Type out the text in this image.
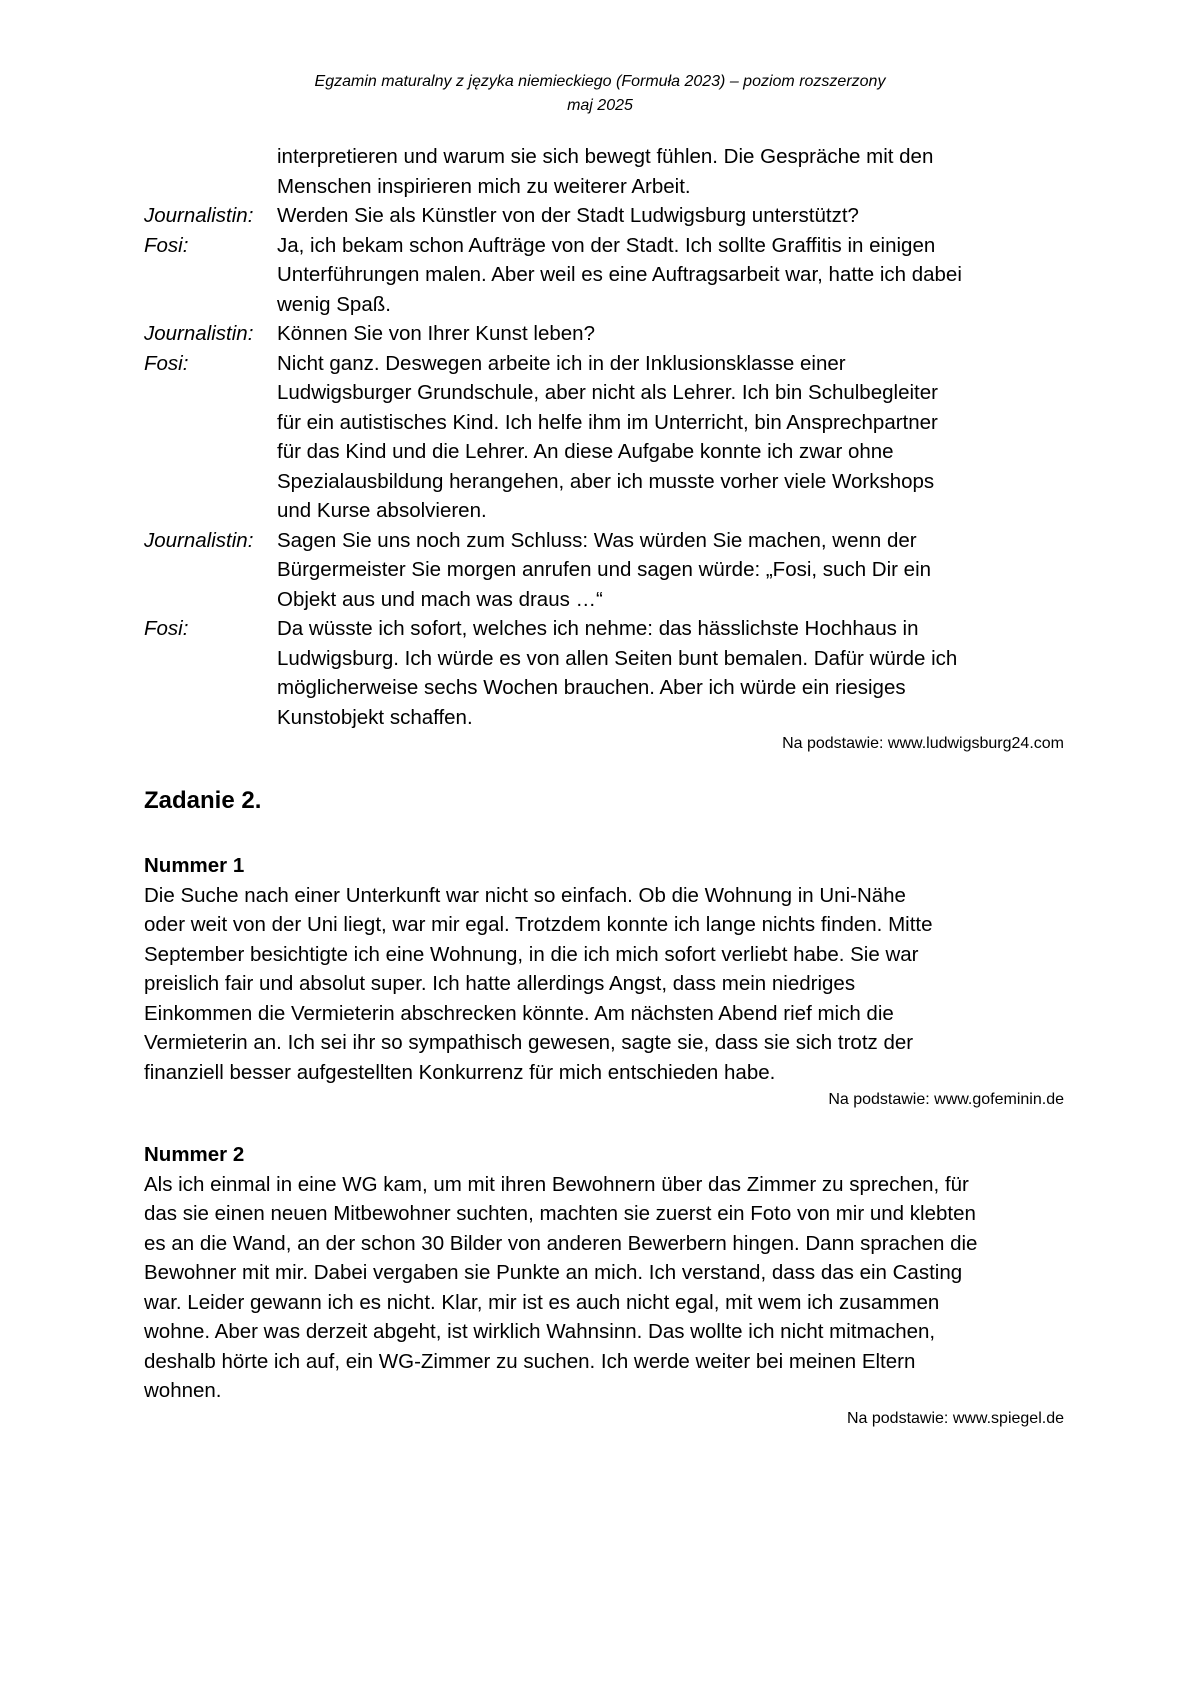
Egzamin maturalny z języka niemieckiego (Formuła 2023) – poziom rozszerzony
maj 2025
interpretieren und warum sie sich bewegt fühlen. Die Gespräche mit den
Menschen inspirieren mich zu weiterer Arbeit.
Journalistin:	Werden Sie als Künstler von der Stadt Ludwigsburg unterstützt?
Fosi:	Ja, ich bekam schon Aufträge von der Stadt. Ich sollte Graffitis in einigen
Unterführungen malen. Aber weil es eine Auftragsarbeit war, hatte ich dabei
wenig Spaß.
Journalistin:	Können Sie von Ihrer Kunst leben?
Fosi:	Nicht ganz. Deswegen arbeite ich in der Inklusionsklasse einer
Ludwigsburger Grundschule, aber nicht als Lehrer. Ich bin Schulbegleiter
für ein autistisches Kind. Ich helfe ihm im Unterricht, bin Ansprechpartner
für das Kind und die Lehrer. An diese Aufgabe konnte ich zwar ohne
Spezialausbildung herangehen, aber ich musste vorher viele Workshops
und Kurse absolvieren.
Journalistin:	Sagen Sie uns noch zum Schluss: Was würden Sie machen, wenn der
Bürgermeister Sie morgen anrufen und sagen würde: „Fosi, such Dir ein
Objekt aus und mach was draus …“
Fosi:	Da wüsste ich sofort, welches ich nehme: das hässlichste Hochhaus in
Ludwigsburg. Ich würde es von allen Seiten bunt bemalen. Dafür würde ich
möglicherweise sechs Wochen brauchen. Aber ich würde ein riesiges
Kunstobjekt schaffen.
Na podstawie: www.ludwigsburg24.com
Zadanie 2.
Nummer 1
Die Suche nach einer Unterkunft war nicht so einfach. Ob die Wohnung in Uni-Nähe
oder weit von der Uni liegt, war mir egal. Trotzdem konnte ich lange nichts finden. Mitte
September besichtigte ich eine Wohnung, in die ich mich sofort verliebt habe. Sie war
preislich fair und absolut super. Ich hatte allerdings Angst, dass mein niedriges
Einkommen die Vermieterin abschrecken könnte. Am nächsten Abend rief mich die
Vermieterin an. Ich sei ihr so sympathisch gewesen, sagte sie, dass sie sich trotz der
finanziell besser aufgestellten Konkurrenz für mich entschieden habe.
Na podstawie: www.gofeminin.de
Nummer 2
Als ich einmal in eine WG kam, um mit ihren Bewohnern über das Zimmer zu sprechen, für
das sie einen neuen Mitbewohner suchten, machten sie zuerst ein Foto von mir und klebten
es an die Wand, an der schon 30 Bilder von anderen Bewerbern hingen. Dann sprachen die
Bewohner mit mir. Dabei vergaben sie Punkte an mich. Ich verstand, dass das ein Casting
war. Leider gewann ich es nicht. Klar, mir ist es auch nicht egal, mit wem ich zusammen
wohne. Aber was derzeit abgeht, ist wirklich Wahnsinn. Das wollte ich nicht mitmachen,
deshalb hörte ich auf, ein WG-Zimmer zu suchen. Ich werde weiter bei meinen Eltern
wohnen.
Na podstawie: www.spiegel.de
